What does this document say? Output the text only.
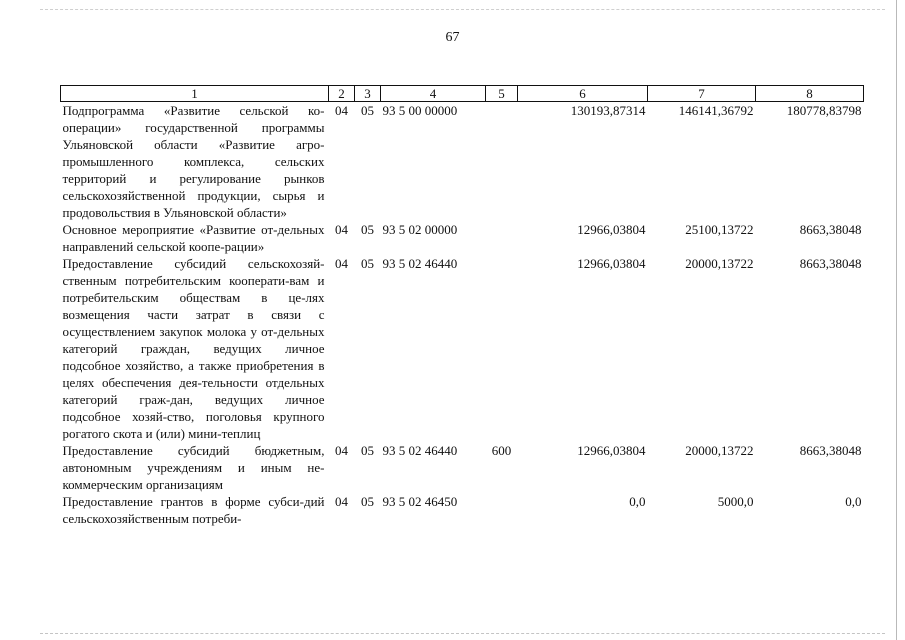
67
1	2	3	4	5	6	7	8
Подпрограмма «Развитие сельской ко-операции» государственной программы Ульяновской области «Развитие агро-промышленного комплекса, сельских территорий и регулирование рынков сельскохозяйственной продукции, сырья и продовольствия в Ульяновской области»	04	05	93 5 00 00000		130193,87314	146141,36792	180778,83798
Основное мероприятие «Развитие от-дельных направлений сельской коопе-рации»	04	05	93 5 02 00000		12966,03804	25100,13722	8663,38048
Предоставление субсидий сельскохозяй-ственным потребительским кооперати-вам и потребительским обществам в це-лях возмещения части затрат в связи с осуществлением закупок молока у от-дельных категорий граждан, ведущих личное подсобное хозяйство, а также приобретения в целях обеспечения дея-тельности отдельных категорий граж-дан, ведущих личное подсобное хозяй-ство, поголовья крупного рогатого скота и (или) мини-теплиц	04	05	93 5 02 46440		12966,03804	20000,13722	8663,38048
Предоставление субсидий бюджетным, автономным учреждениям и иным не-коммерческим организациям	04	05	93 5 02 46440	600	12966,03804	20000,13722	8663,38048
Предоставление грантов в форме субси-дий сельскохозяйственным потреби-	04	05	93 5 02 46450		0,0	5000,0	0,0
